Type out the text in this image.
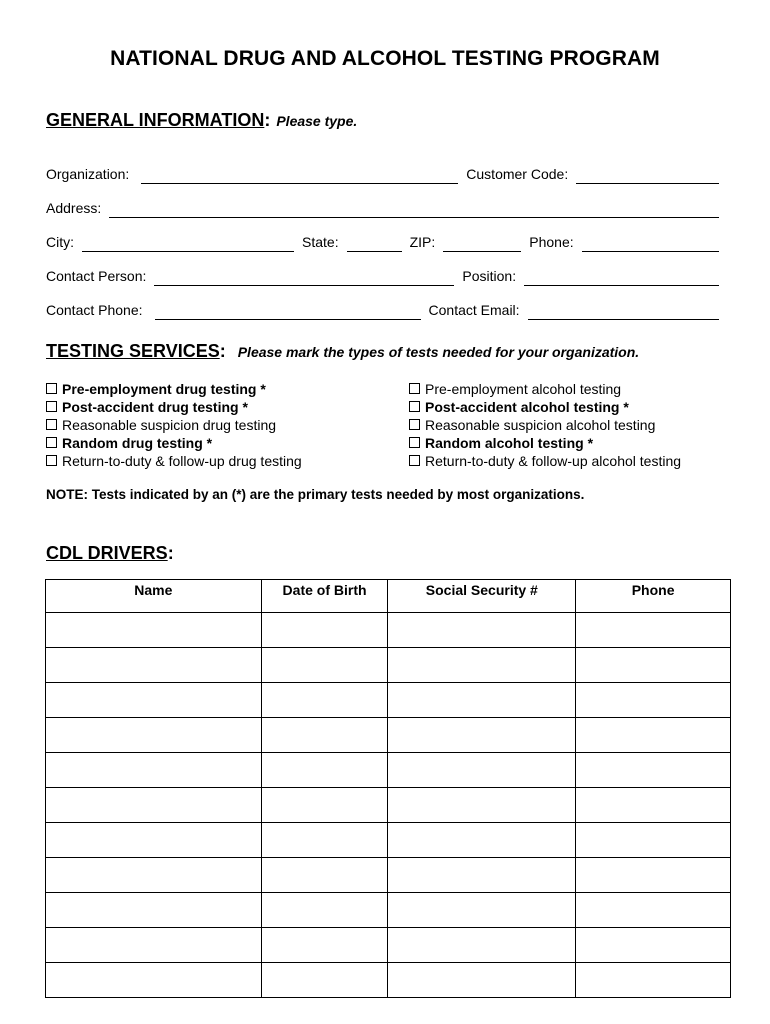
NATIONAL DRUG AND ALCOHOL TESTING PROGRAM
GENERAL INFORMATION: Please type.
Organization:	Customer Code:
Address:
City:	State:	ZIP:	Phone:
Contact Person:	Position:
Contact Phone:	Contact Email:
TESTING SERVICES: Please mark the types of tests needed for your organization.
Pre-employment drug testing *
Post-accident drug testing *
Reasonable suspicion drug testing
Random drug testing *
Return-to-duty & follow-up drug testing
Pre-employment alcohol testing
Post-accident alcohol testing *
Reasonable suspicion alcohol testing
Random alcohol testing *
Return-to-duty & follow-up alcohol testing
NOTE: Tests indicated by an (*) are the primary tests needed by most organizations.
CDL DRIVERS:
Name	Date of Birth	Social Security #	Phone
